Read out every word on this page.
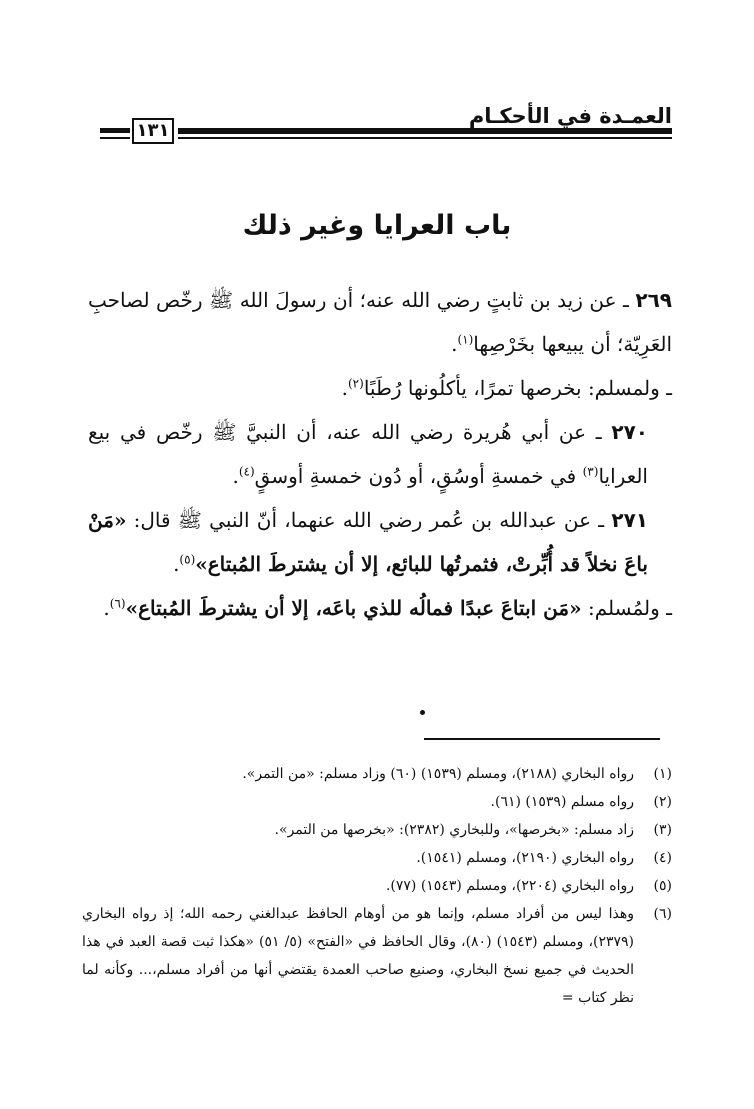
العمـدة في الأحكـام
١٣١
باب العرايا وغير ذلك

٢٦٩ ـ عن زيد بن ثابتٍ رضي الله عنه؛ أن رسولَ الله ﷺ رخّص لصاحبِ العَرِيّة؛ أن يبيعها بخَرْصِها$^{(١)}$.

ـ ولمسلم: بخرصها تمرًا، يأكلُونها رُطَبًا$^{(٢)}$.

٢٧٠ ـ عن أبي هُريرة رضي الله عنه، أن النبيَّ ﷺ رخّص في بيع العرايا$^{(٣)}$ في خمسةِ أوسُقٍ، أو دُون خمسةِ أوسقٍ$^{(٤)}$.

٢٧١ ـ عن عبدالله بن عُمر رضي الله عنهما، أنّ النبي ﷺ قال: «مَنْ باعَ نخلاً قد أُبِّرتْ، فثمرتُها للبائع، إلا أن يشترطَ المُبتاع»$^{(٥)}$.

ـ ولمُسلم: «مَن ابتاعَ عبدًا فمالُه للذي باعَه، إلا أن يشترطَ المُبتاع»$^{(٦)}$.

(١)
رواه البخاري (٢١٨٨)، ومسلم (١٥٣٩) (٦٠) وزاد مسلم: «من التمر».
(٢)
رواه مسلم (١٥٣٩) (٦١).
(٣)
زاد مسلم: «بخرصها»، وللبخاري (٢٣٨٢): «بخرصها من التمر».
(٤)
رواه البخاري (٢١٩٠)، ومسلم (١٥٤١).
(٥)
رواه البخاري (٢٢٠٤)، ومسلم (١٥٤٣) (٧٧).
(٦)
وهذا ليس من أفراد مسلم، وإنما هو من أوهام الحافظ عبدالغني رحمه الله؛ إذ رواه البخاري (٢٣٧٩)، ومسلم (١٥٤٣) (٨٠)، وقال الحافظ في «الفتح» (٥/ ٥١) «هكذا ثبت قصة العبد في هذا الحديث في جميع نسخ البخاري، وصنيع صاحب العمدة يقتضي أنها من أفراد مسلم،... وكأنه لما نظر كتاب =
